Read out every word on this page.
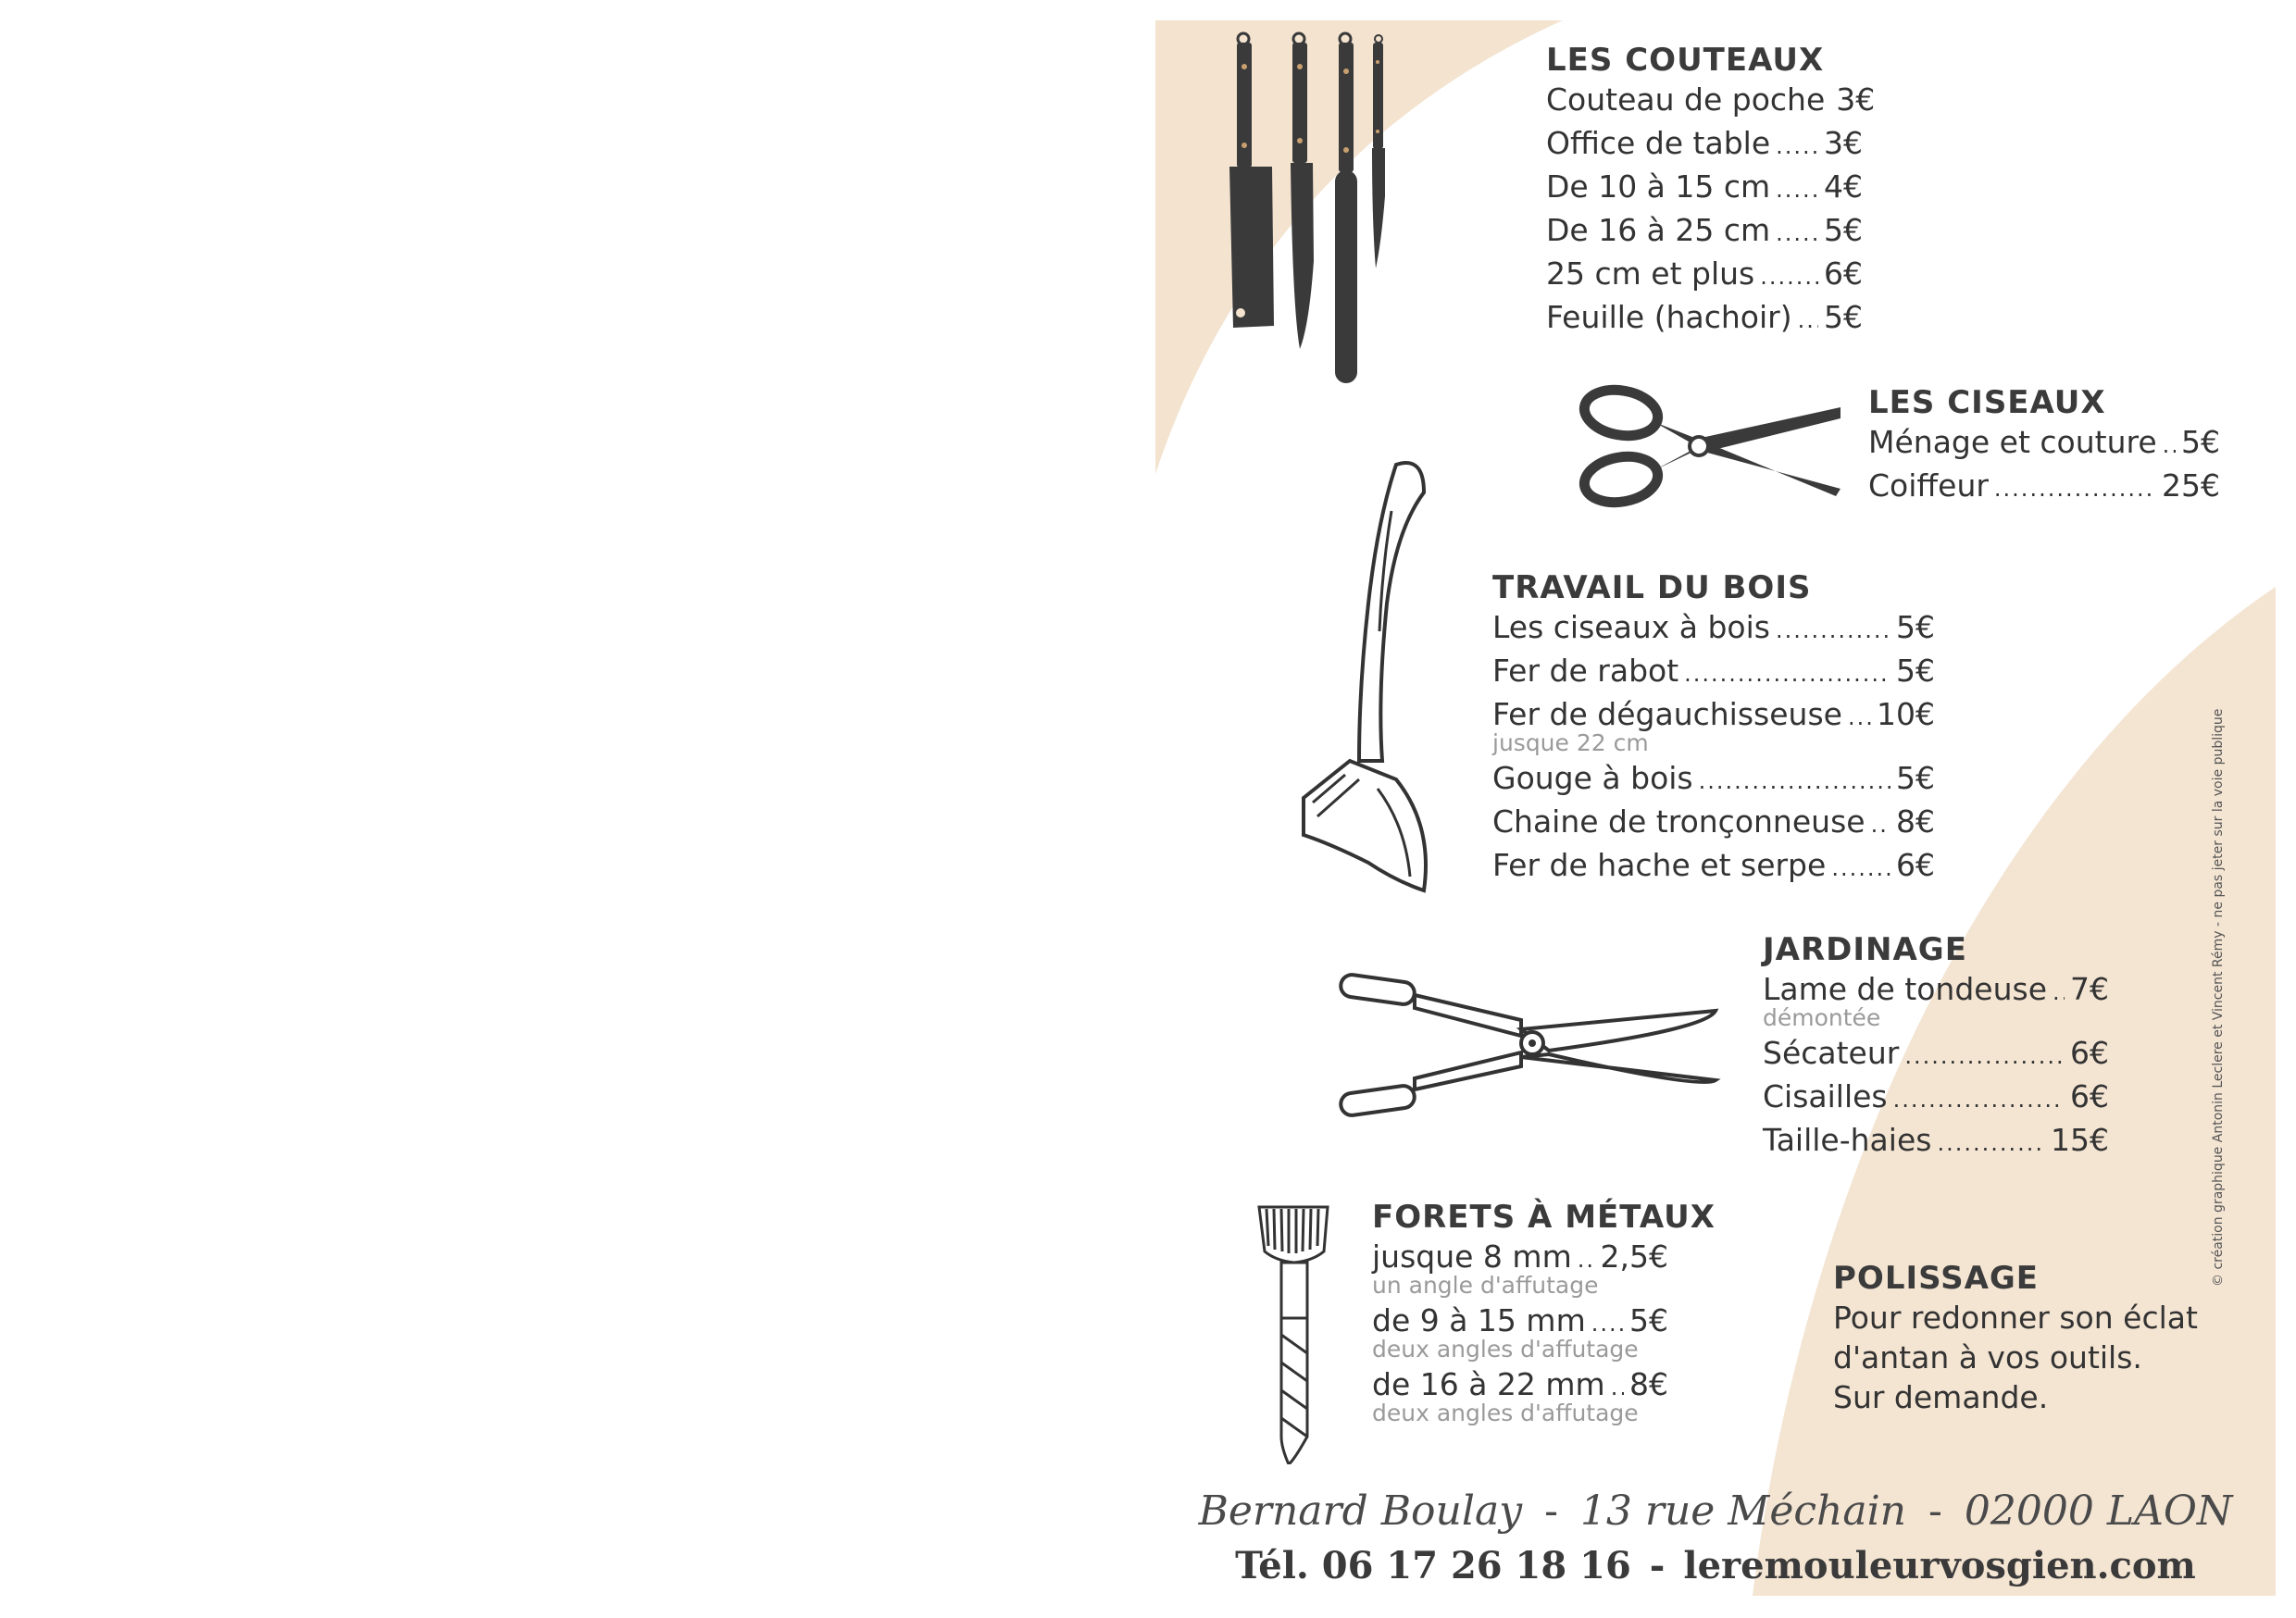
LES COUTEAUX
Couteau de poche 3€
Office de table ..... 3€
De 10 à 15 cm ..... 4€
De 16 à 25 cm ..... 5€
25 cm et plus ..... 6€
Feuille (hachoir) ..... 5€
LES CISEAUX
Ménage et couture ..... 5€
Coiffeur .....	25€
TRAVAIL DU BOIS
Les ciseaux à bois .....	5€
Fer de rabot .....	5€
Fer de dégauchisseuse ..... 10€
jusque 22 cm
Gouge à bois .....	5€
Chaine de tronçonneuse ..... 8€
Fer de hache et serpe ..... 6€
JARDINAGE
Lame de tondeuse ..... 7€
démontée
Sécateur .....	6€
Cisailles .....	6€
Taille-haies .....	15€
FORETS À MÉTAUX
jusque 8 mm ..... 2,5€
un angle d'affutage
de 9 à 15 mm ..... 5€
deux angles d'affutage
de 16 à 22 mm ..... 8€
deux angles d'affutage
POLISSAGE
Pour redonner son éclat
d'antan à vos outils.
Sur demande.
Bernard Boulay - 13 rue Méchain - 02000 LAON
Tél. 06 17 26 18 16 - leremouleurvosgien.com
© création graphique Antonin Leclere et Vincent Rémy - ne pas jeter sur la voie publique
